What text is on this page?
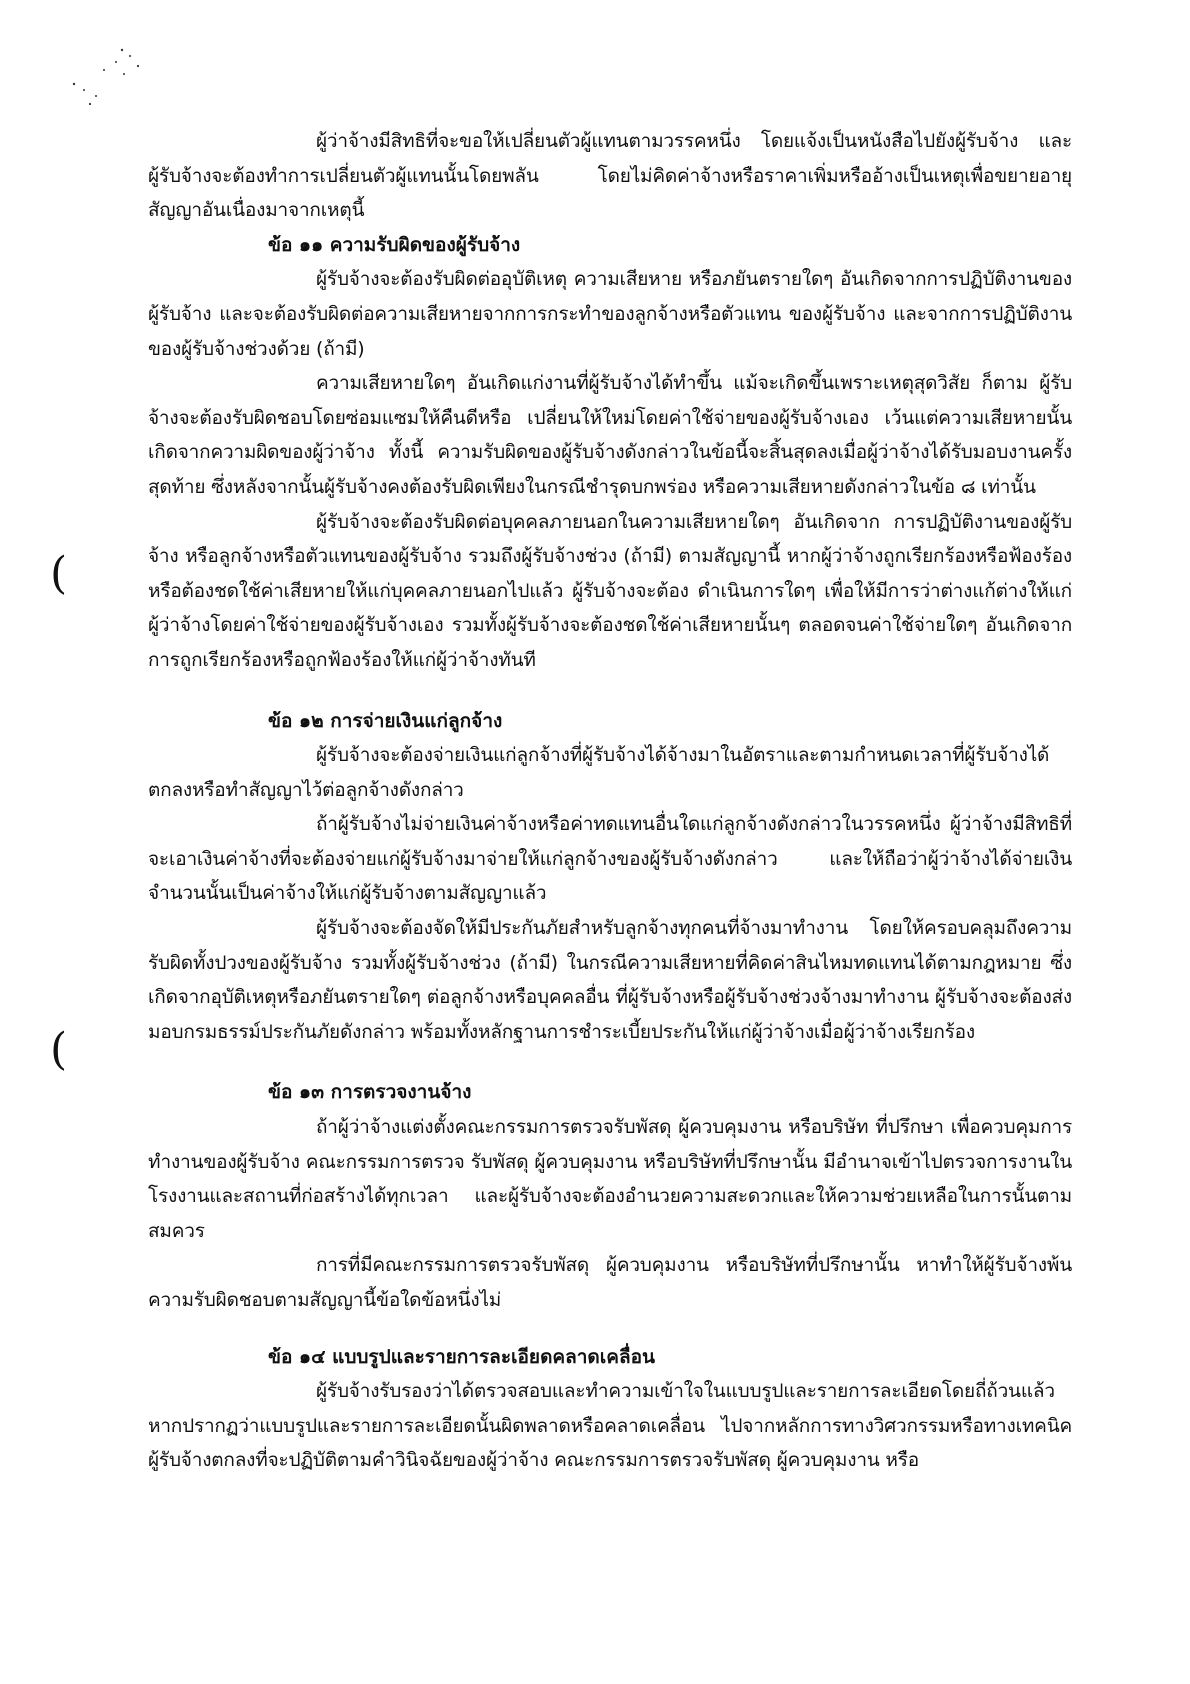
(
(

ผู้ว่าจ้างมีสิทธิที่จะขอให้เปลี่ยนตัวผู้แทนตามวรรคหนึ่ง โดยแจ้งเป็นหนังสือไปยังผู้รับจ้าง และผู้รับจ้างจะต้องทำการเปลี่ยนตัวผู้แทนนั้นโดยพลัน โดยไม่คิดค่าจ้างหรือราคาเพิ่มหรืออ้างเป็นเหตุเพื่อขยายอายุสัญญาอันเนื่องมาจากเหตุนี้

ข้อ ๑๑ ความรับผิดของผู้รับจ้าง

ผู้รับจ้างจะต้องรับผิดต่ออุบัติเหตุ ความเสียหาย หรือภยันตรายใดๆ อันเกิดจากการปฏิบัติงานของผู้รับจ้าง และจะต้องรับผิดต่อความเสียหายจากการกระทำของลูกจ้างหรือตัวแทน ของผู้รับจ้าง และจากการปฏิบัติงานของผู้รับจ้างช่วงด้วย (ถ้ามี)

ความเสียหายใดๆ อันเกิดแก่งานที่ผู้รับจ้างได้ทำขึ้น แม้จะเกิดขึ้นเพราะเหตุสุดวิสัย ก็ตาม ผู้รับจ้างจะต้องรับผิดชอบโดยซ่อมแซมให้คืนดีหรือ เปลี่ยนให้ใหม่โดยค่าใช้จ่ายของผู้รับจ้างเอง เว้นแต่ความเสียหายนั้นเกิดจากความผิดของผู้ว่าจ้าง ทั้งนี้ ความรับผิดของผู้รับจ้างดังกล่าวในข้อนี้จะสิ้นสุดลงเมื่อผู้ว่าจ้างได้รับมอบงานครั้งสุดท้าย ซึ่งหลังจากนั้นผู้รับจ้างคงต้องรับผิดเพียงในกรณีชำรุดบกพร่อง หรือความเสียหายดังกล่าวในข้อ ๘ เท่านั้น

ผู้รับจ้างจะต้องรับผิดต่อบุคคลภายนอกในความเสียหายใดๆ อันเกิดจาก การปฏิบัติงานของผู้รับจ้าง หรือลูกจ้างหรือตัวแทนของผู้รับจ้าง รวมถึงผู้รับจ้างช่วง (ถ้ามี) ตามสัญญานี้ หากผู้ว่าจ้างถูกเรียกร้องหรือฟ้องร้องหรือต้องชดใช้ค่าเสียหายให้แก่บุคคลภายนอกไปแล้ว ผู้รับจ้างจะต้อง ดำเนินการใดๆ เพื่อให้มีการว่าต่างแก้ต่างให้แก่ผู้ว่าจ้างโดยค่าใช้จ่ายของผู้รับจ้างเอง รวมทั้งผู้รับจ้างจะต้องชดใช้ค่าเสียหายนั้นๆ ตลอดจนค่าใช้จ่ายใดๆ อันเกิดจากการถูกเรียกร้องหรือถูกฟ้องร้องให้แก่ผู้ว่าจ้างทันที

ข้อ ๑๒ การจ่ายเงินแก่ลูกจ้าง

ผู้รับจ้างจะต้องจ่ายเงินแก่ลูกจ้างที่ผู้รับจ้างได้จ้างมาในอัตราและตามกำหนดเวลาที่ผู้รับจ้างได้ตกลงหรือทำสัญญาไว้ต่อลูกจ้างดังกล่าว

ถ้าผู้รับจ้างไม่จ่ายเงินค่าจ้างหรือค่าทดแทนอื่นใดแก่ลูกจ้างดังกล่าวในวรรคหนึ่ง ผู้ว่าจ้างมีสิทธิที่จะเอาเงินค่าจ้างที่จะต้องจ่ายแก่ผู้รับจ้างมาจ่ายให้แก่ลูกจ้างของผู้รับจ้างดังกล่าว และให้ถือว่าผู้ว่าจ้างได้จ่ายเงินจำนวนนั้นเป็นค่าจ้างให้แก่ผู้รับจ้างตามสัญญาแล้ว

ผู้รับจ้างจะต้องจัดให้มีประกันภัยสำหรับลูกจ้างทุกคนที่จ้างมาทำงาน โดยให้ครอบคลุมถึงความรับผิดทั้งปวงของผู้รับจ้าง รวมทั้งผู้รับจ้างช่วง (ถ้ามี) ในกรณีความเสียหายที่คิดค่าสินไหมทดแทนได้ตามกฎหมาย ซึ่งเกิดจากอุบัติเหตุหรือภยันตรายใดๆ ต่อลูกจ้างหรือบุคคลอื่น ที่ผู้รับจ้างหรือผู้รับจ้างช่วงจ้างมาทำงาน ผู้รับจ้างจะต้องส่งมอบกรมธรรม์ประกันภัยดังกล่าว พร้อมทั้งหลักฐานการชำระเบี้ยประกันให้แก่ผู้ว่าจ้างเมื่อผู้ว่าจ้างเรียกร้อง

ข้อ ๑๓ การตรวจงานจ้าง

ถ้าผู้ว่าจ้างแต่งตั้งคณะกรรมการตรวจรับพัสดุ ผู้ควบคุมงาน หรือบริษัท ที่ปรึกษา เพื่อควบคุมการทำงานของผู้รับจ้าง คณะกรรมการตรวจ รับพัสดุ ผู้ควบคุมงาน หรือบริษัทที่ปรึกษานั้น มีอำนาจเข้าไปตรวจการงานในโรงงานและสถานที่ก่อสร้างได้ทุกเวลา และผู้รับจ้างจะต้องอำนวยความสะดวกและให้ความช่วยเหลือในการนั้นตามสมควร

การที่มีคณะกรรมการตรวจรับพัสดุ ผู้ควบคุมงาน หรือบริษัทที่ปรึกษานั้น หาทำให้ผู้รับจ้างพ้นความรับผิดชอบตามสัญญานี้ข้อใดข้อหนึ่งไม่

ข้อ ๑๔ แบบรูปและรายการละเอียดคลาดเคลื่อน

ผู้รับจ้างรับรองว่าได้ตรวจสอบและทำความเข้าใจในแบบรูปและรายการละเอียดโดยถี่ถ้วนแล้ว หากปรากฏว่าแบบรูปและรายการละเอียดนั้นผิดพลาดหรือคลาดเคลื่อน ไปจากหลักการทางวิศวกรรมหรือทางเทคนิค ผู้รับจ้างตกลงที่จะปฏิบัติตามคำวินิจฉัยของผู้ว่าจ้าง คณะกรรมการตรวจรับพัสดุ ผู้ควบคุมงาน หรือ
